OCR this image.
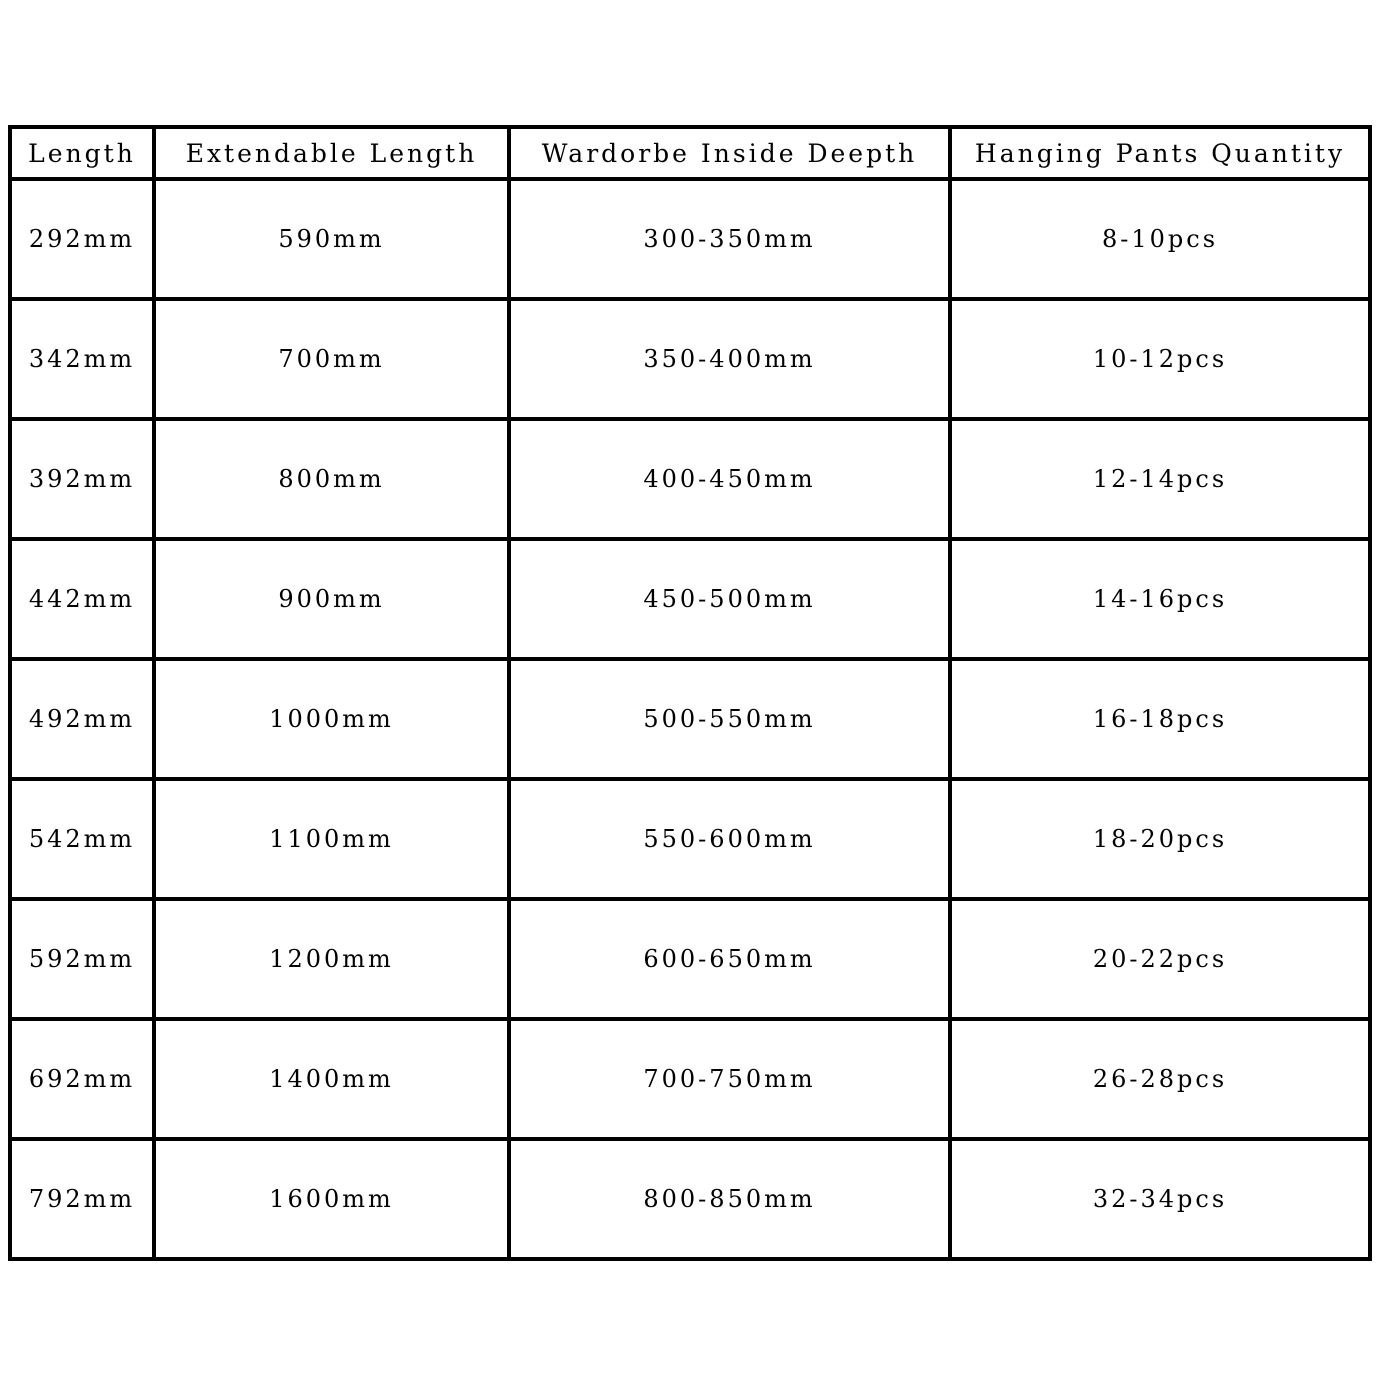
Length	Extendable Length	Wardorbe Inside Deepth	Hanging Pants Quantity
292mm	590mm	300-350mm	8-10pcs
342mm	700mm	350-400mm	10-12pcs
392mm	800mm	400-450mm	12-14pcs
442mm	900mm	450-500mm	14-16pcs
492mm	1000mm	500-550mm	16-18pcs
542mm	1100mm	550-600mm	18-20pcs
592mm	1200mm	600-650mm	20-22pcs
692mm	1400mm	700-750mm	26-28pcs
792mm	1600mm	800-850mm	32-34pcs
